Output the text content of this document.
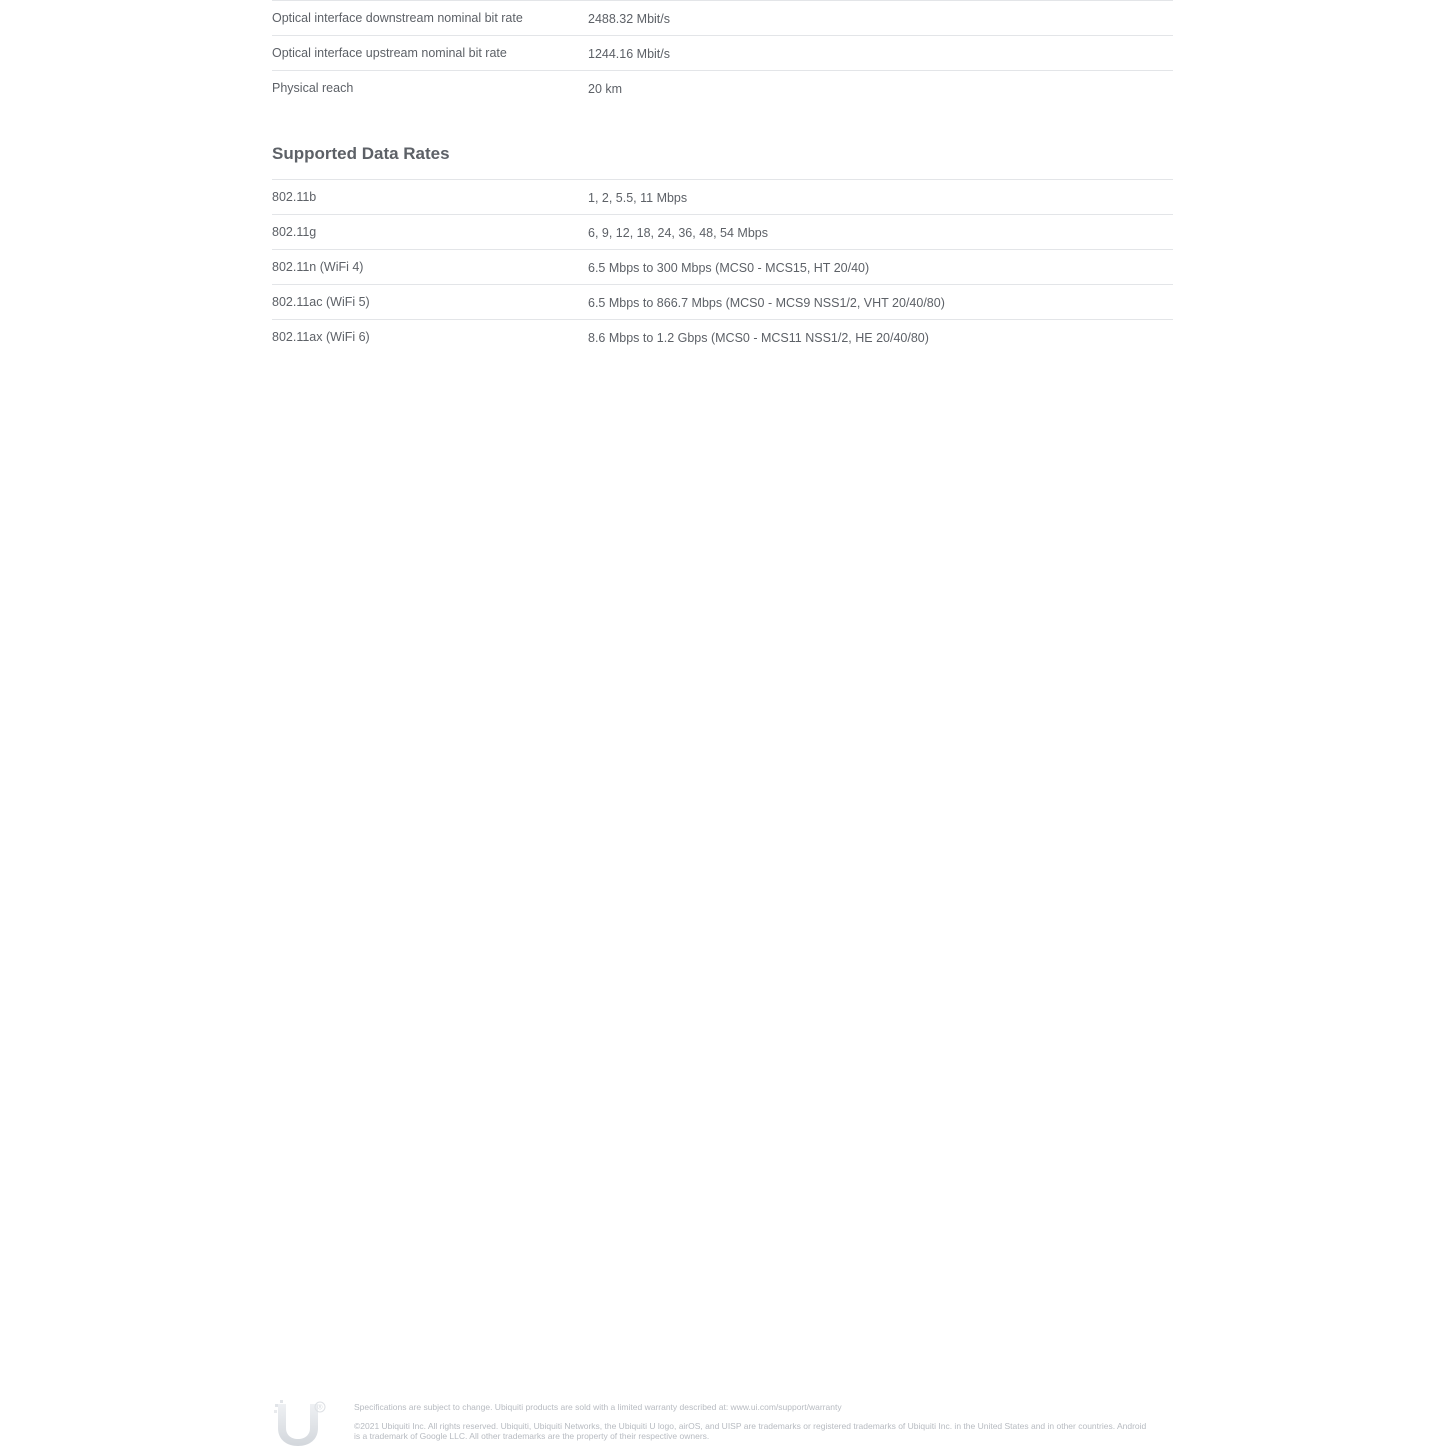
Optical interface downstream nominal bit rate	2488.32 Mbit/s
Optical interface upstream nominal bit rate	1244.16 Mbit/s
Physical reach	20 km
Supported Data Rates
802.11b	1, 2, 5.5, 11 Mbps
802.11g	6, 9, 12, 18, 24, 36, 48, 54 Mbps
802.11n (WiFi 4)	6.5 Mbps to 300 Mbps (MCS0 - MCS15, HT 20/40)
802.11ac (WiFi 5)	6.5 Mbps to 866.7 Mbps (MCS0 - MCS9 NSS1/2, VHT 20/40/80)
802.11ax (WiFi 6)	8.6 Mbps to 1.2 Gbps (MCS0 - MCS11 NSS1/2, HE 20/40/80)
®	Specifications are subject to change. Ubiquiti products are sold with a limited warranty described at: www.ui.com/support/warranty

©2021 Ubiquiti Inc. All rights reserved. Ubiquiti, Ubiquiti Networks, the Ubiquiti U logo, airOS, and UISP are trademarks or registered trademarks of Ubiquiti Inc. in the United States and in other countries. Android is a trademark of Google LLC. All other trademarks are the property of their respective owners.
